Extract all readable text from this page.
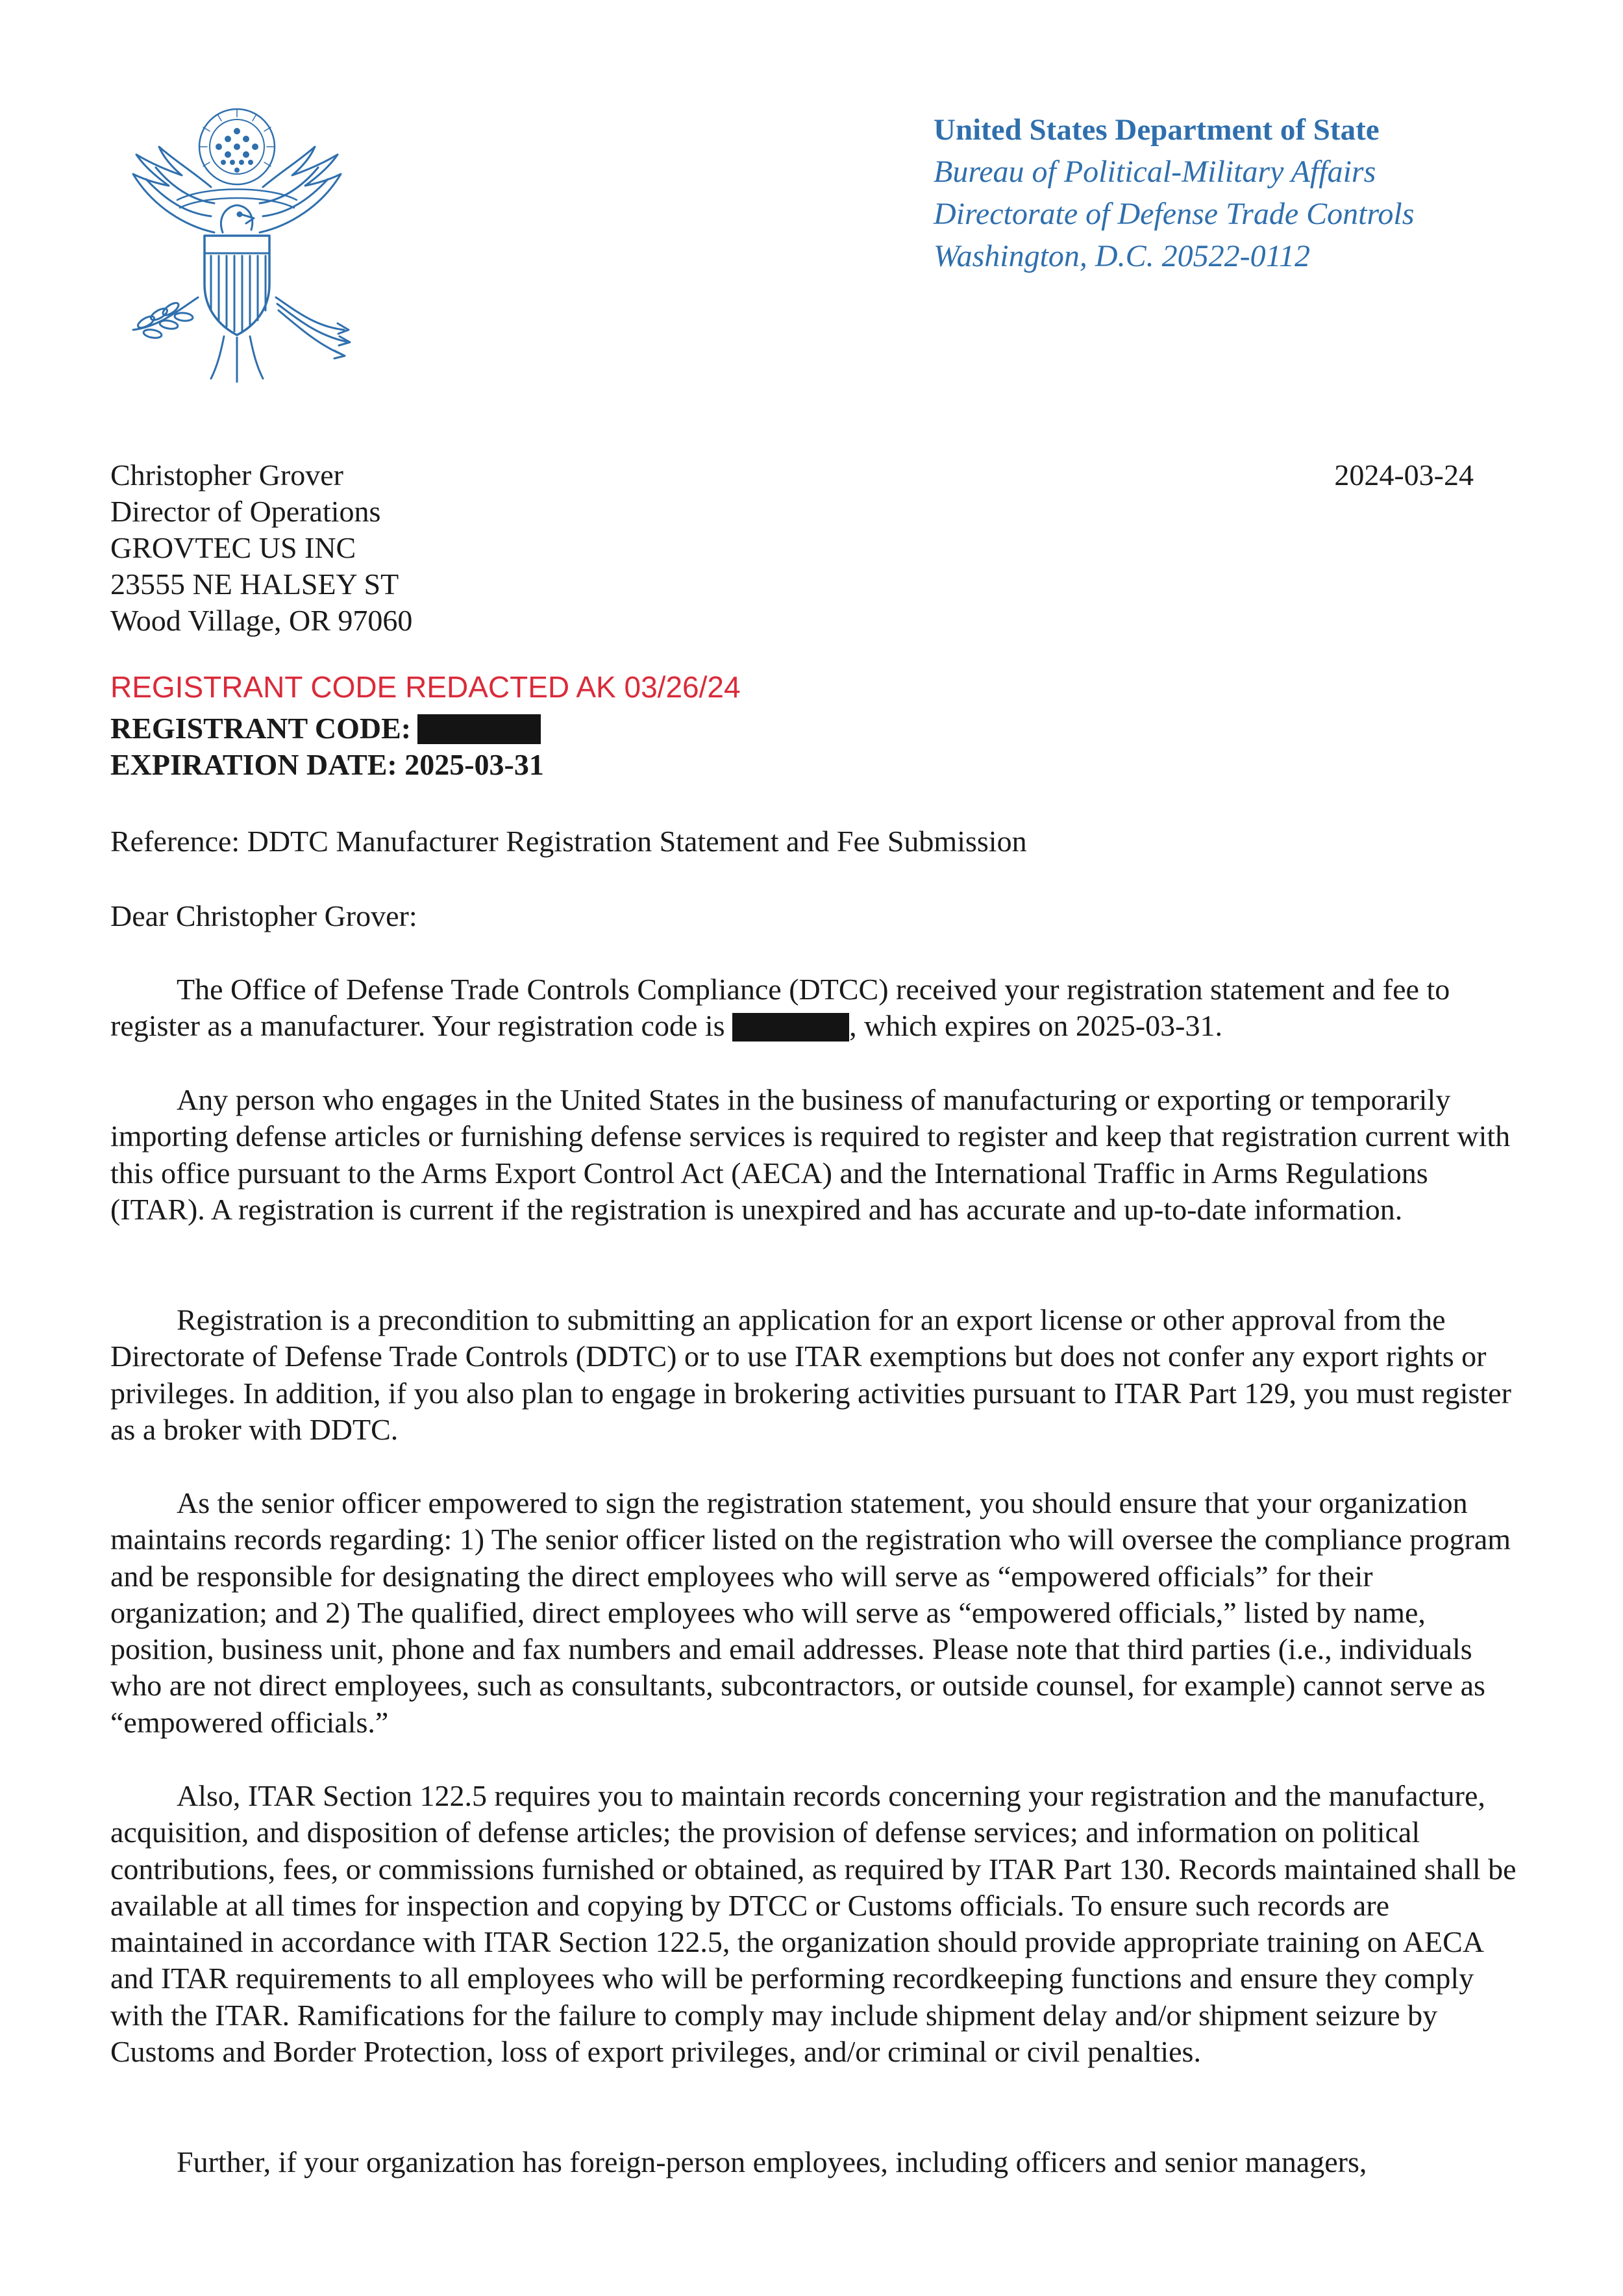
United States Department of State
Bureau of Political-Military Affairs
Directorate of Defense Trade Controls
Washington, D.C. 20522-0112
Christopher Grover
Director of Operations
GROVTEC US INC
23555 NE HALSEY ST
Wood Village, OR 97060
2024-03-24
REGISTRANT CODE REDACTED AK 03/26/24
REGISTRANT CODE:
EXPIRATION DATE: 2025-03-31
Reference: DDTC Manufacturer Registration Statement and Fee Submission
Dear Christopher Grover:

The Office of Defense Trade Controls Compliance (DTCC) received your registration statement and fee to register as a manufacturer. Your registration code is	, which expires on 2025-03-31.

Any person who engages in the United States in the business of manufacturing or exporting or temporarily importing defense articles or furnishing defense services is required to register and keep that registration current with this office pursuant to the Arms Export Control Act (AECA) and the International Traffic in Arms Regulations (ITAR). A registration is current if the registration is unexpired and has accurate and up-to-date information.

Registration is a precondition to submitting an application for an export license or other approval from the Directorate of Defense Trade Controls (DDTC) or to use ITAR exemptions but does not confer any export rights or privileges. In addition, if you also plan to engage in brokering activities pursuant to ITAR Part 129, you must register as a broker with DDTC.

As the senior officer empowered to sign the registration statement, you should ensure that your organization maintains records regarding: 1) The senior officer listed on the registration who will oversee the compliance program and be responsible for designating the direct employees who will serve as “empowered officials” for their organization; and 2) The qualified, direct employees who will serve as “empowered officials,” listed by name, position, business unit, phone and fax numbers and email addresses. Please note that third parties (i.e., individuals who are not direct employees, such as consultants, subcontractors, or outside counsel, for example) cannot serve as “empowered officials.”

Also, ITAR Section 122.5 requires you to maintain records concerning your registration and the manufacture, acquisition, and disposition of defense articles; the provision of defense services; and information on political contributions, fees, or commissions furnished or obtained, as required by ITAR Part 130. Records maintained shall be available at all times for inspection and copying by DTCC or Customs officials. To ensure such records are maintained in accordance with ITAR Section 122.5, the organization should provide appropriate training on AECA and ITAR requirements to all employees who will be performing recordkeeping functions and ensure they comply with the ITAR. Ramifications for the failure to comply may include shipment delay and/or shipment seizure by Customs and Border Protection, loss of export privileges, and/or criminal or civil penalties.

Further, if your organization has foreign-person employees, including officers and senior managers,
